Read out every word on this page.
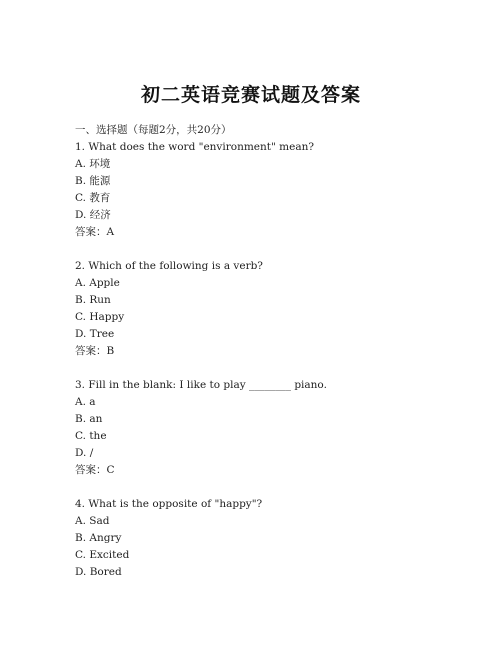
初二英语竞赛试题及答案
一、选择题（每题2分，共20分）
1. What does the word "environment" mean?
A. 环境
B. 能源
C. 教育
D. 经济
答案：A
2. Which of the following is a verb?
A. Apple
B. Run
C. Happy
D. Tree
答案：B
3. Fill in the blank: I like to play ________ piano.
A. a
B. an
C. the
D. /
答案：C
4. What is the opposite of "happy"?
A. Sad
B. Angry
C. Excited
D. Bored
